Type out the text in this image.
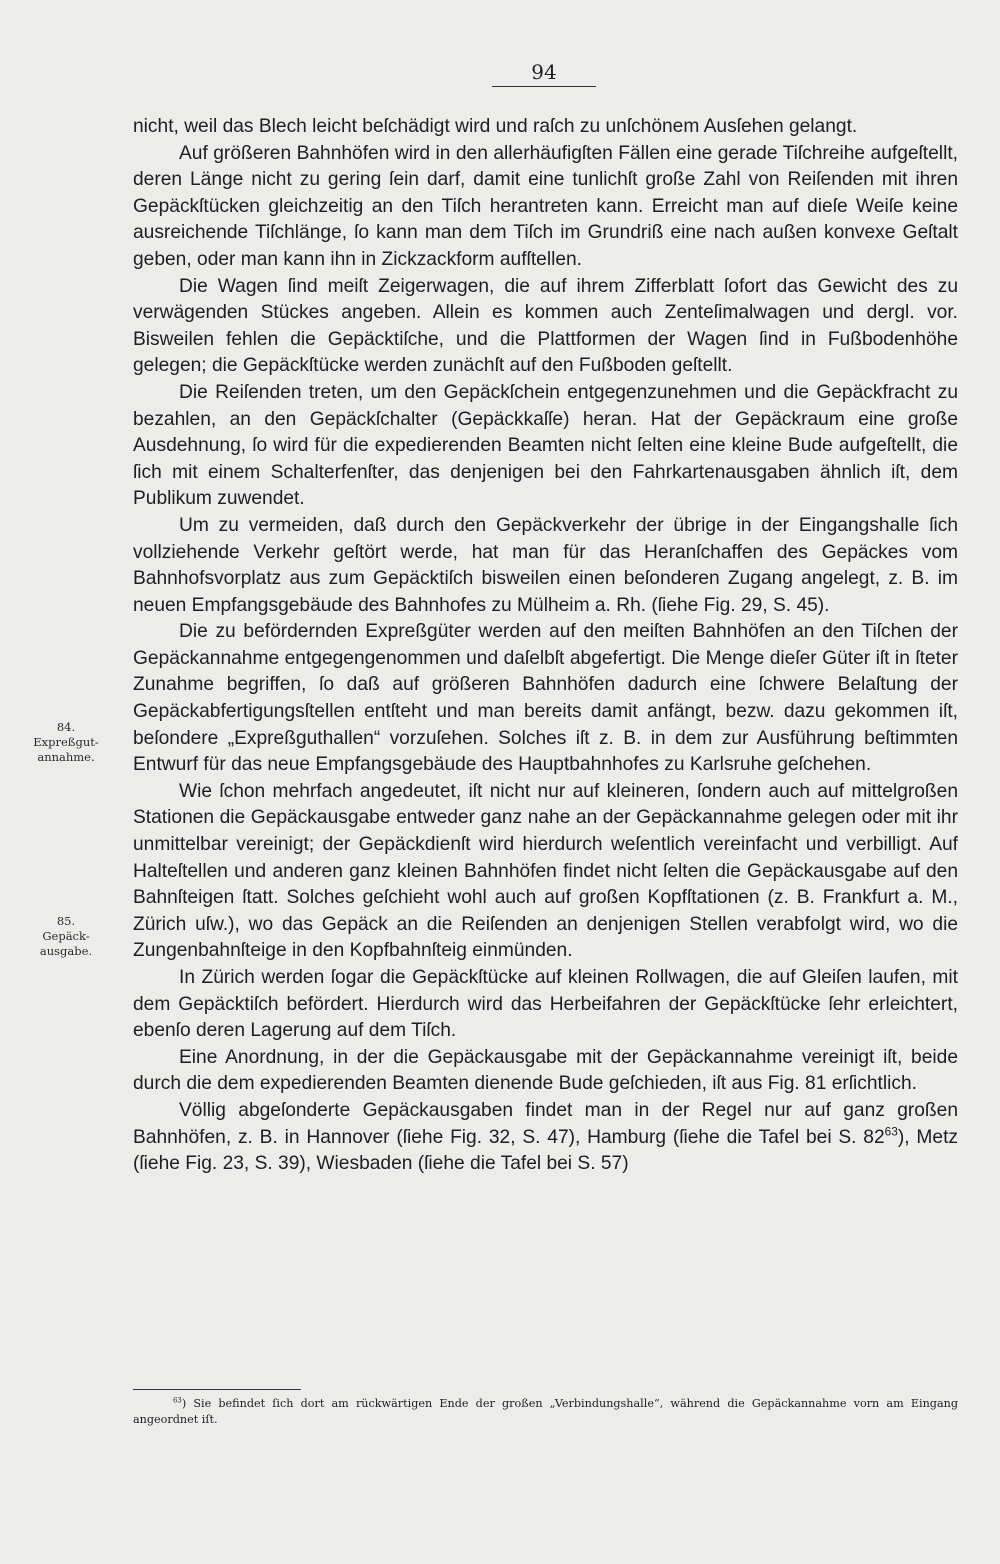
94

nicht, weil das Blech leicht beſchädigt wird und raſch zu unſchönem Ausſehen gelangt.

Auf größeren Bahnhöfen wird in den allerhäufigſten Fällen eine gerade Tiſchreihe aufgeſtellt, deren Länge nicht zu gering ſein darf, damit eine tunlichſt große Zahl von Reiſenden mit ihren Gepäckſtücken gleichzeitig an den Tiſch herantreten kann. Erreicht man auf dieſe Weiſe keine ausreichende Tiſchlänge, ſo kann man dem Tiſch im Grundriß eine nach außen konvexe Geſtalt geben, oder man kann ihn in Zickzackform aufſtellen.

Die Wagen ſind meiſt Zeigerwagen, die auf ihrem Zifferblatt ſofort das Gewicht des zu verwägenden Stückes angeben. Allein es kommen auch Zenteſimalwagen und dergl. vor. Bisweilen fehlen die Gepäcktiſche, und die Plattformen der Wagen ſind in Fußbodenhöhe gelegen; die Gepäckſtücke werden zunächſt auf den Fußboden geſtellt.

Die Reiſenden treten, um den Gepäckſchein entgegenzunehmen und die Gepäckfracht zu bezahlen, an den Gepäckſchalter (Gepäckkaſſe) heran. Hat der Gepäckraum eine große Ausdehnung, ſo wird für die expedierenden Beamten nicht ſelten eine kleine Bude aufgeſtellt, die ſich mit einem Schalterfenſter, das denjenigen bei den Fahrkartenausgaben ähnlich iſt, dem Publikum zuwendet.

Um zu vermeiden, daß durch den Gepäckverkehr der übrige in der Eingangshalle ſich vollziehende Verkehr geſtört werde, hat man für das Heranſchaffen des Gepäckes vom Bahnhofsvorplatz aus zum Gepäcktiſch bisweilen einen beſonderen Zugang angelegt, z. B. im neuen Empfangsgebäude des Bahnhofes zu Mülheim a. Rh. (ſiehe Fig. 29, S. 45).

Die zu befördernden Expreßgüter werden auf den meiſten Bahnhöfen an den Tiſchen der Gepäckannahme entgegengenommen und daſelbſt abgefertigt. Die Menge dieſer Güter iſt in ſteter Zunahme begriffen, ſo daß auf größeren Bahnhöfen dadurch eine ſchwere Belaſtung der Gepäckabfertigungsſtellen entſteht und man bereits damit anfängt, bezw. dazu gekommen iſt, beſondere „Expreßguthallen“ vorzuſehen. Solches iſt z. B. in dem zur Ausführung beſtimmten Entwurf für das neue Empfangsgebäude des Hauptbahnhofes zu Karlsruhe geſchehen.

Wie ſchon mehrfach angedeutet, iſt nicht nur auf kleineren, ſondern auch auf mittelgroßen Stationen die Gepäckausgabe entweder ganz nahe an der Gepäckannahme gelegen oder mit ihr unmittelbar vereinigt; der Gepäckdienſt wird hierdurch weſentlich vereinfacht und verbilligt. Auf Halteſtellen und anderen ganz kleinen Bahnhöfen findet nicht ſelten die Gepäckausgabe auf den Bahnſteigen ſtatt. Solches geſchieht wohl auch auf großen Kopfſtationen (z. B. Frankfurt a. M., Zürich uſw.), wo das Gepäck an die Reiſenden an denjenigen Stellen verabfolgt wird, wo die Zungenbahnſteige in den Kopfbahnſteig einmünden.

In Zürich werden ſogar die Gepäckſtücke auf kleinen Rollwagen, die auf Gleiſen laufen, mit dem Gepäcktiſch befördert. Hierdurch wird das Herbeifahren der Gepäckſtücke ſehr erleichtert, ebenſo deren Lagerung auf dem Tiſch.

Eine Anordnung, in der die Gepäckausgabe mit der Gepäckannahme vereinigt iſt, beide durch die dem expedierenden Beamten dienende Bude geſchieden, iſt aus Fig. 81 erſichtlich.

Völlig abgeſonderte Gepäckausgaben findet man in der Regel nur auf ganz großen Bahnhöfen, z. B. in Hannover (ſiehe Fig. 32, S. 47), Hamburg (ſiehe die Tafel bei S. $82^{63}$), Metz (ſiehe Fig. 23, S. 39), Wiesbaden (ſiehe die Tafel bei S. 57)

84.
Expreßgut-
annahme.
85.
Gepäck-
ausgabe.
$^{63}$) Sie befindet ſich dort am rückwärtigen Ende der großen „Verbindungshalle“, während die Gepäckannahme vorn am Eingang angeordnet iſt.
